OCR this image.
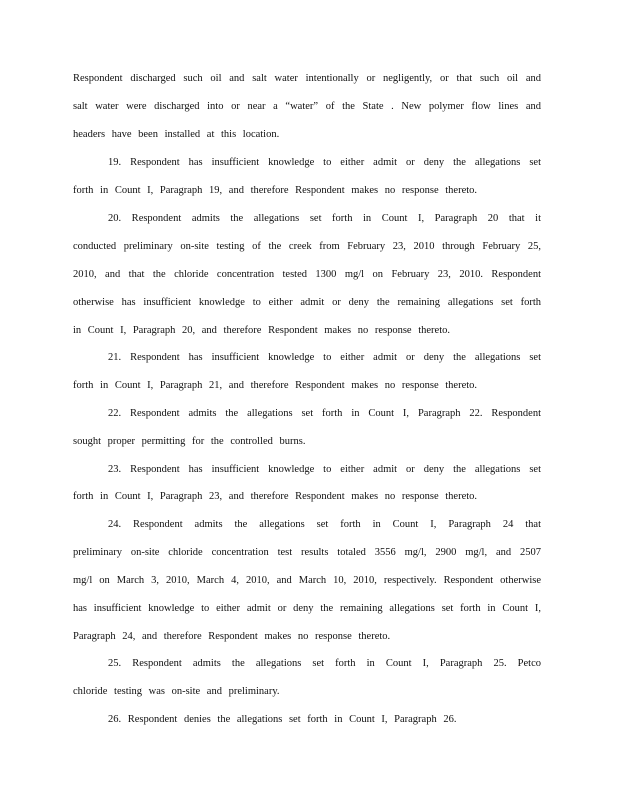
Respondent discharged such oil and salt water intentionally or negligently, or that such oil and
salt water were discharged into or near a “water” of the State . New polymer flow lines and
headers have been installed at this location.
19. Respondent has insufficient knowledge to either admit or deny the allegations set
forth in Count I, Paragraph 19, and therefore Respondent makes no response thereto.
20. Respondent admits the allegations set forth in Count I, Paragraph 20 that it
conducted preliminary on-site testing of the creek from February 23, 2010 through February 25,
2010, and that the chloride concentration tested 1300 mg/l on February 23, 2010. Respondent
otherwise has insufficient knowledge to either admit or deny the remaining allegations set forth
in Count I, Paragraph 20, and therefore Respondent makes no response thereto.
21. Respondent has insufficient knowledge to either admit or deny the allegations set
forth in Count I, Paragraph 21, and therefore Respondent makes no response thereto.
22. Respondent admits the allegations set forth in Count I, Paragraph 22. Respondent
sought proper permitting for the controlled burns.
23. Respondent has insufficient knowledge to either admit or deny the allegations set
forth in Count I, Paragraph 23, and therefore Respondent makes no response thereto.
24. Respondent admits the allegations set forth in Count I, Paragraph 24 that
preliminary on-site chloride concentration test results totaled 3556 mg/l, 2900 mg/l, and 2507
mg/l on March 3, 2010, March 4, 2010, and March 10, 2010, respectively. Respondent otherwise
has insufficient knowledge to either admit or deny the remaining allegations set forth in Count I,
Paragraph 24, and therefore Respondent makes no response thereto.
25. Respondent admits the allegations set forth in Count I, Paragraph 25. Petco
chloride testing was on-site and preliminary.
26. Respondent denies the allegations set forth in Count I, Paragraph 26.
